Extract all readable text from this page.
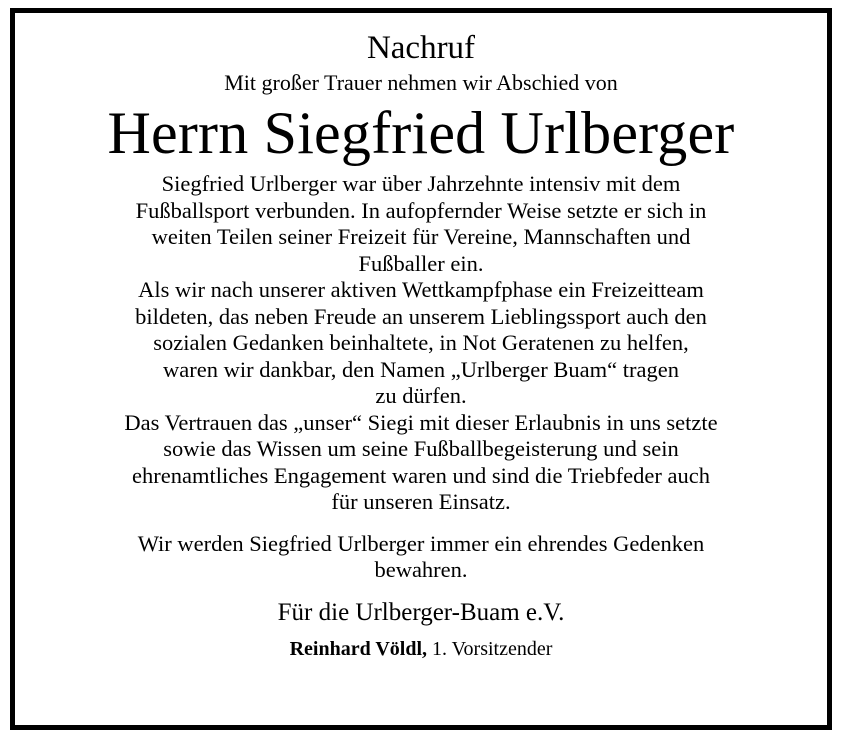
Nachruf
Mit großer Trauer nehmen wir Abschied von
Herrn Siegfried Urlberger
Siegfried Urlberger war über Jahrzehnte intensiv mit dem
Fußballsport verbunden. In aufopfernder Weise setzte er sich in
weiten Teilen seiner Freizeit für Vereine, Mannschaften und
Fußballer ein.
Als wir nach unserer aktiven Wettkampfphase ein Freizeitteam
bildeten, das neben Freude an unserem Lieblingssport auch den
sozialen Gedanken beinhaltete, in Not Geratenen zu helfen,
waren wir dankbar, den Namen „Urlberger Buam“ tragen
zu dürfen.
Das Vertrauen das „unser“ Siegi mit dieser Erlaubnis in uns setzte
sowie das Wissen um seine Fußballbegeisterung und sein
ehrenamtliches Engagement waren und sind die Triebfeder auch
für unseren Einsatz.
Wir werden Siegfried Urlberger immer ein ehrendes Gedenken
bewahren.
Für die Urlberger-Buam e.V.
Reinhard Völdl, 1. Vorsitzender
